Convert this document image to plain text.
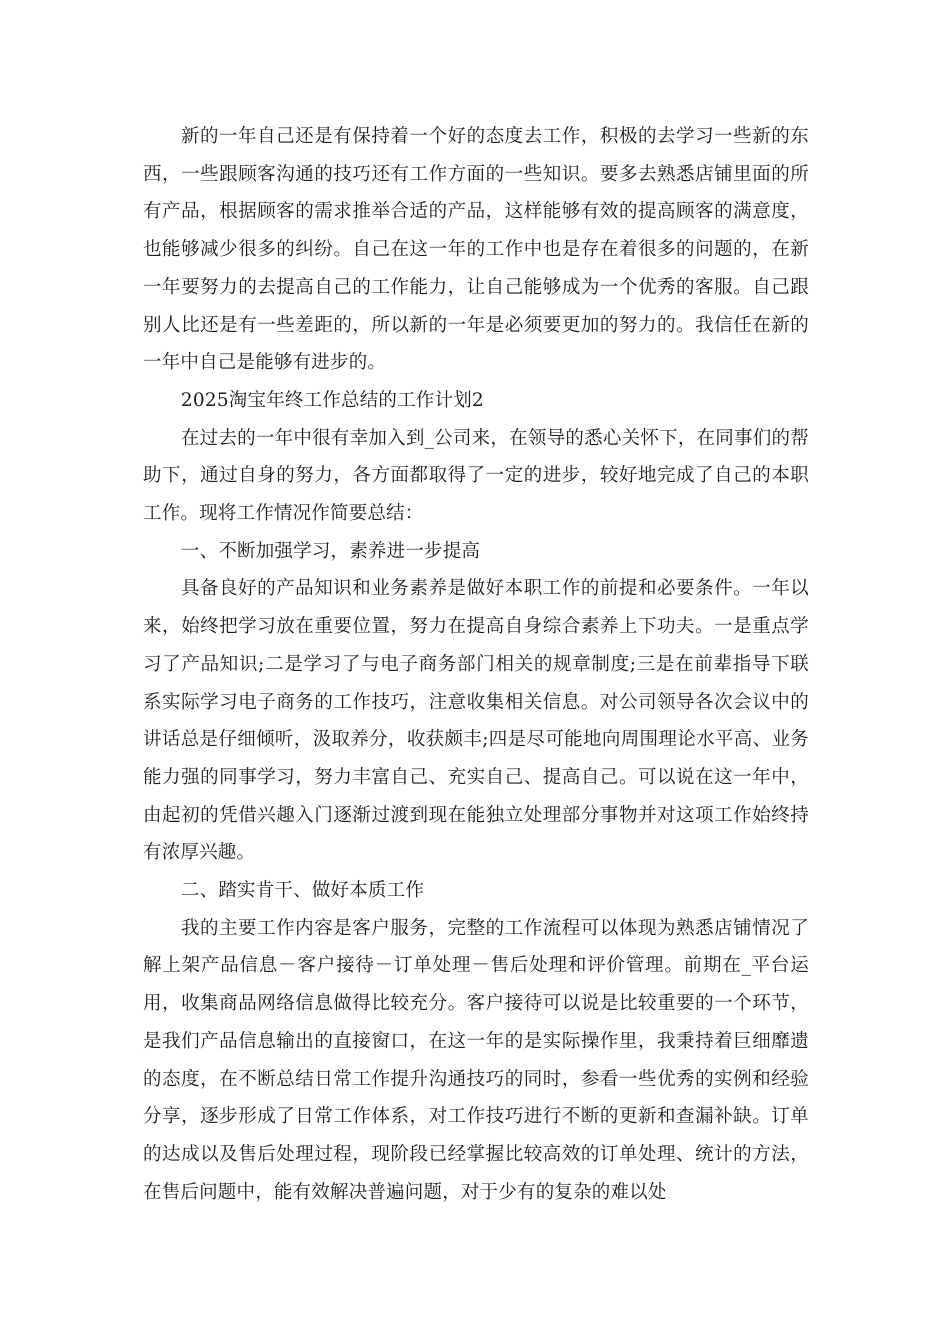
新的一年自己还是有保持着一个好的态度去工作，积极的去学习一些新的东西，一些跟顾客沟通的技巧还有工作方面的一些知识。要多去熟悉店铺里面的所有产品，根据顾客的需求推举合适的产品，这样能够有效的提高顾客的满意度，也能够减少很多的纠纷。自己在这一年的工作中也是存在着很多的问题的，在新一年要努力的去提高自己的工作能力，让自己能够成为一个优秀的客服。自己跟别人比还是有一些差距的，所以新的一年是必须要更加的努力的。我信任在新的一年中自己是能够有进步的。

2025淘宝年终工作总结的工作计划2

在过去的一年中很有幸加入到_公司来，在领导的悉心关怀下，在同事们的帮助下，通过自身的努力，各方面都取得了一定的进步，较好地完成了自己的本职工作。现将工作情况作简要总结：

一、不断加强学习，素养进一步提高

具备良好的产品知识和业务素养是做好本职工作的前提和必要条件。一年以来，始终把学习放在重要位置，努力在提高自身综合素养上下功夫。一是重点学习了产品知识;二是学习了与电子商务部门相关的规章制度;三是在前辈指导下联系实际学习电子商务的工作技巧，注意收集相关信息。对公司领导各次会议中的讲话总是仔细倾听，汲取养分，收获颇丰;四是尽可能地向周围理论水平高、业务能力强的同事学习，努力丰富自己、充实自己、提高自己。可以说在这一年中，由起初的凭借兴趣入门逐渐过渡到现在能独立处理部分事物并对这项工作始终持有浓厚兴趣。

二、踏实肯干、做好本质工作

我的主要工作内容是客户服务，完整的工作流程可以体现为熟悉店铺情况了解上架产品信息－客户接待－订单处理－售后处理和评价管理。前期在_平台运用，收集商品网络信息做得比较充分。客户接待可以说是比较重要的一个环节，是我们产品信息输出的直接窗口，在这一年的是实际操作里，我秉持着巨细靡遗的态度，在不断总结日常工作提升沟通技巧的同时，参看一些优秀的实例和经验分享，逐步形成了日常工作体系，对工作技巧进行不断的更新和查漏补缺。订单的达成以及售后处理过程，现阶段已经掌握比较高效的订单处理、统计的方法，在售后问题中，能有效解决普遍问题，对于少有的复杂的难以处
